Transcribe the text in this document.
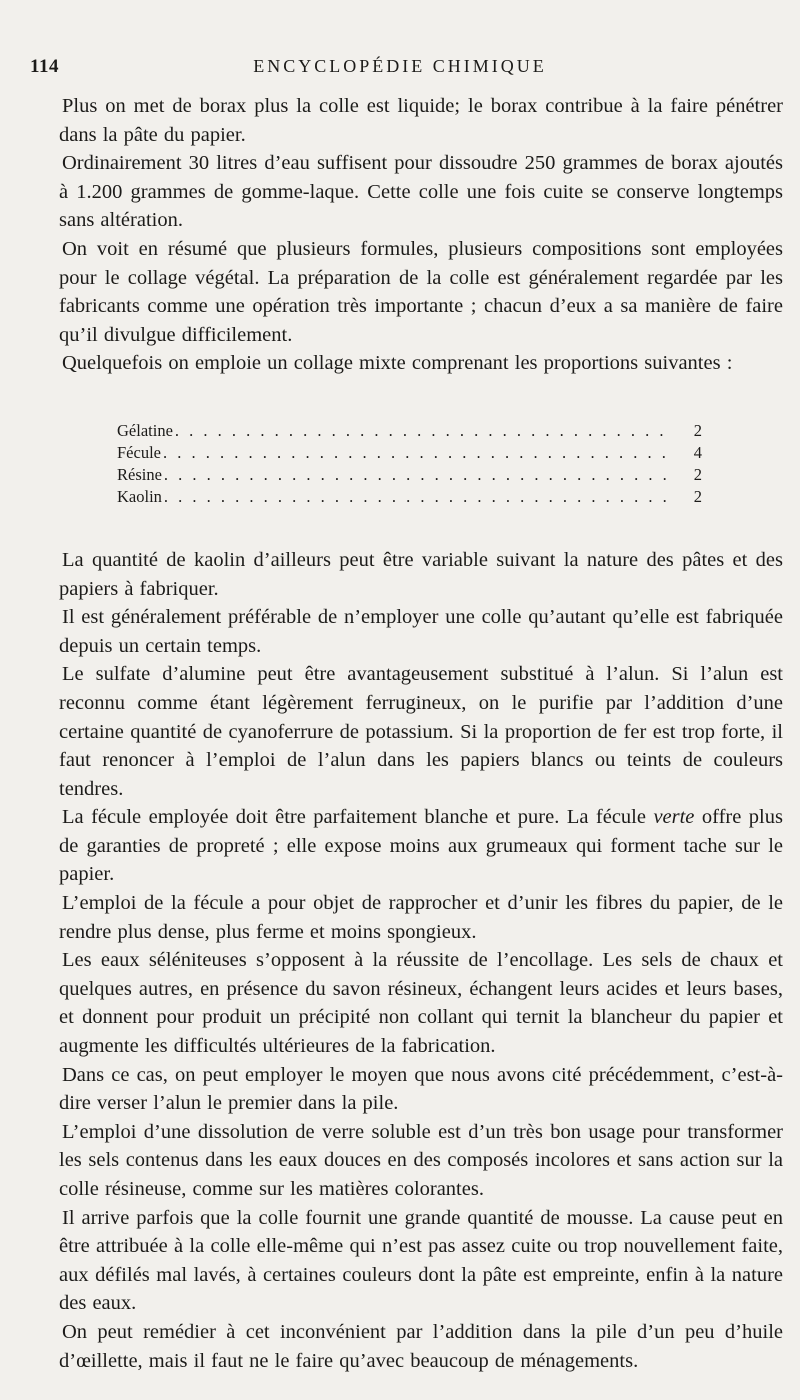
114	ENCYCLOPÉDIE CHIMIQUE

Plus on met de borax plus la colle est liquide; le borax contribue à la faire pénétrer dans la pâte du papier.

Ordinairement 30 litres d’eau suffisent pour dissoudre 250 grammes de borax ajoutés à 1.200 grammes de gomme-laque. Cette colle une fois cuite se conserve longtemps sans altération.

On voit en résumé que plusieurs formules, plusieurs compositions sont employées pour le collage végétal. La préparation de la colle est généralement regardée par les fabricants comme une opération très importante ; chacun d’eux a sa manière de faire qu’il divulgue difficilement.

Quelquefois on emploie un collage mixte comprenant les proportions suivantes :

Gélatine . . .	2
Fécule . . .	4
Résine . . .	2
Kaolin . . .	2

La quantité de kaolin d’ailleurs peut être variable suivant la nature des pâtes et des papiers à fabriquer.

Il est généralement préférable de n’employer une colle qu’autant qu’elle est fabriquée depuis un certain temps.

Le sulfate d’alumine peut être avantageusement substitué à l’alun. Si l’alun est reconnu comme étant légèrement ferrugineux, on le purifie par l’addition d’une certaine quantité de cyanoferrure de potassium. Si la proportion de fer est trop forte, il faut renoncer à l’emploi de l’alun dans les papiers blancs ou teints de couleurs tendres.

La fécule employée doit être parfaitement blanche et pure. La fécule verte offre plus de garanties de propreté ; elle expose moins aux grumeaux qui forment tache sur le papier.

L’emploi de la fécule a pour objet de rapprocher et d’unir les fibres du papier, de le rendre plus dense, plus ferme et moins spongieux.

Les eaux séléniteuses s’opposent à la réussite de l’encollage. Les sels de chaux et quelques autres, en présence du savon résineux, échangent leurs acides et leurs bases, et donnent pour produit un précipité non collant qui ternit la blancheur du papier et augmente les difficultés ultérieures de la fabrication.

Dans ce cas, on peut employer le moyen que nous avons cité précédemment, c’est-à-dire verser l’alun le premier dans la pile.

L’emploi d’une dissolution de verre soluble est d’un très bon usage pour transformer les sels contenus dans les eaux douces en des composés incolores et sans action sur la colle résineuse, comme sur les matières colorantes.

Il arrive parfois que la colle fournit une grande quantité de mousse. La cause peut en être attribuée à la colle elle-même qui n’est pas assez cuite ou trop nouvellement faite, aux défilés mal lavés, à certaines couleurs dont la pâte est empreinte, enfin à la nature des eaux.

On peut remédier à cet inconvénient par l’addition dans la pile d’un peu d’huile d’œillette, mais il faut ne le faire qu’avec beaucoup de ménagements.
